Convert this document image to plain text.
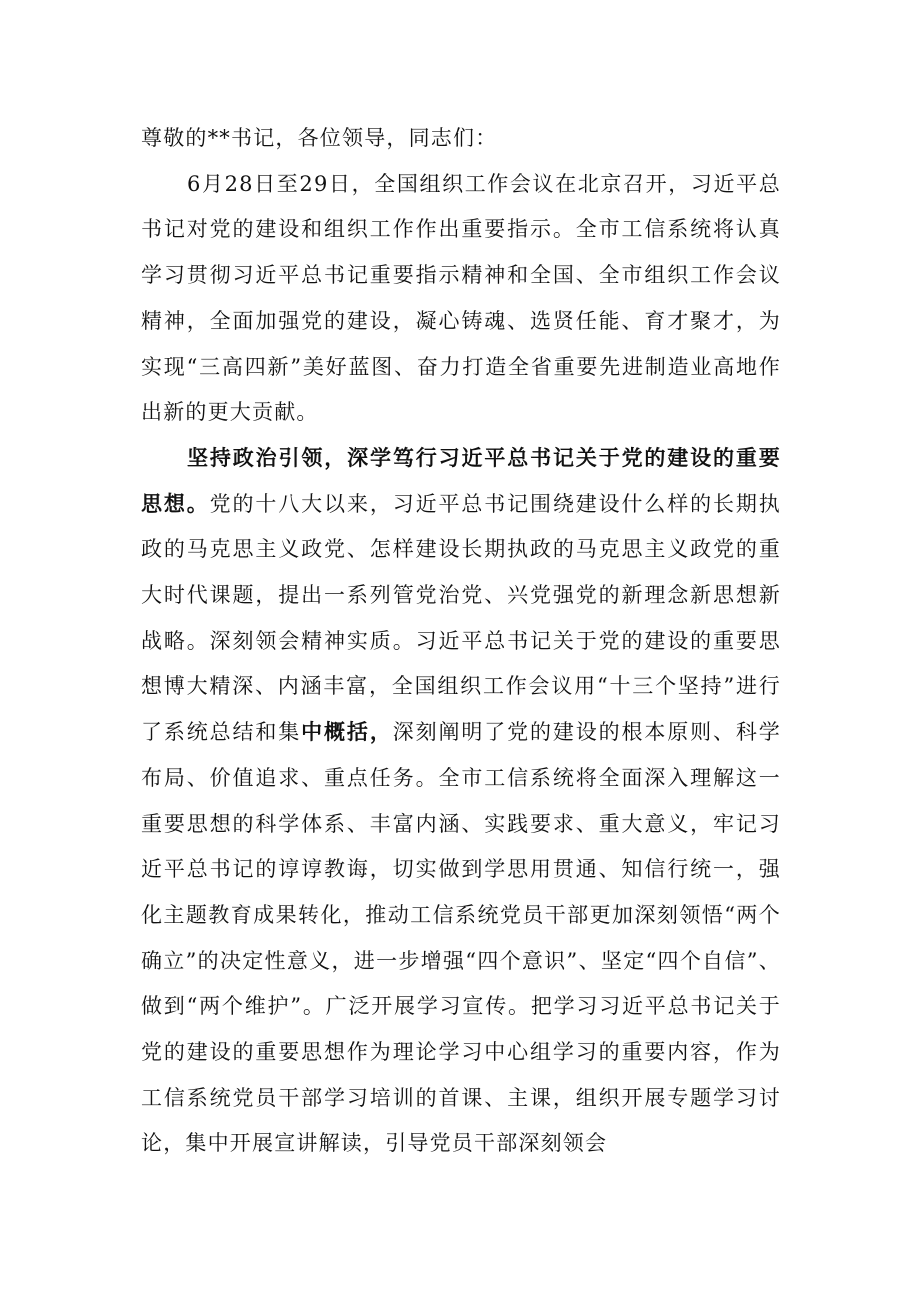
尊敬的**书记，各位领导，同志们：

6月28日至29日，全国组织工作会议在北京召开，习近平总书记对党的建设和组织工作作出重要指示。全市工信系统将认真学习贯彻习近平总书记重要指示精神和全国、全市组织工作会议精神，全面加强党的建设，凝心铸魂、选贤任能、育才聚才，为实现“三高四新”美好蓝图、奋力打造全省重要先进制造业高地作出新的更大贡献。

坚持政治引领，深学笃行习近平总书记关于党的建设的重要思想。党的十八大以来，习近平总书记围绕建设什么样的长期执政的马克思主义政党、怎样建设长期执政的马克思主义政党的重大时代课题，提出一系列管党治党、兴党强党的新理念新思想新战略。深刻领会精神实质。习近平总书记关于党的建设的重要思想博大精深、内涵丰富，全国组织工作会议用“十三个坚持”进行了系统总结和集中概括，深刻阐明了党的建设的根本原则、科学布局、价值追求、重点任务。全市工信系统将全面深入理解这一重要思想的科学体系、丰富内涵、实践要求、重大意义，牢记习近平总书记的谆谆教诲，切实做到学思用贯通、知信行统一，强化主题教育成果转化，推动工信系统党员干部更加深刻领悟“两个确立”的决定性意义，进一步增强“四个意识”、坚定“四个自信”、做到“两个维护”。广泛开展学习宣传。把学习习近平总书记关于党的建设的重要思想作为理论学习中心组学习的重要内容，作为工信系统党员干部学习培训的首课、主课，组织开展专题学习讨论，集中开展宣讲解读，引导党员干部深刻领会
